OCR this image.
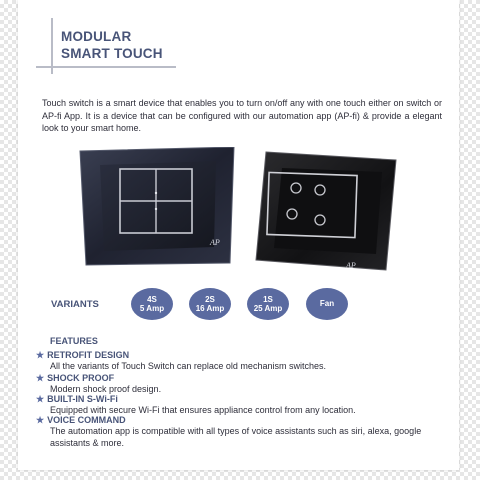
MODULAR
SMART TOUCH

Touch switch is a smart device that enables you to turn on/off any with one touch either on switch or AP-fi App. It is a device that can be configured with our automation app (AP-fi) & provide a elegant look to your smart home.

AP
AP
VARIANTS	4S
5 Amp
2S
16 Amp
1S
25 Amp
Fan
FEATURES
★ RETROFIT DESIGN
All the variants of Touch Switch can replace old mechanism switches.
★ SHOCK PROOF
Modern shock proof design.
★ BUILT-IN S-Wi-Fi
Equipped with secure Wi-Fi that ensures appliance control from any location.
★ VOICE COMMAND
The automation app is compatible with all types of voice assistants such as siri, alexa, google assistants & more.
